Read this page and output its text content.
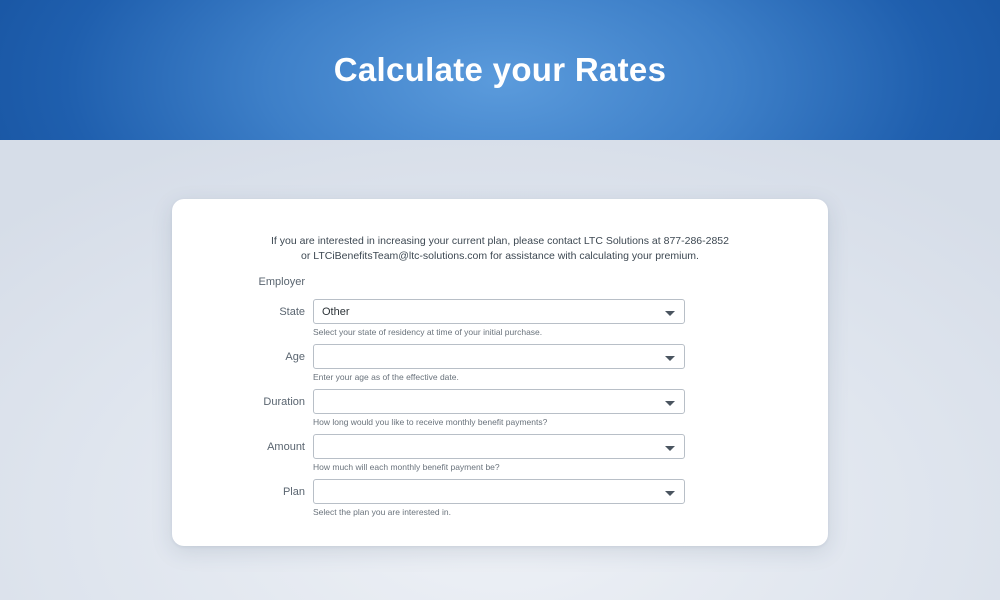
Calculate your Rates
If you are interested in increasing your current plan, please contact LTC Solutions at 877-286-2852
or LTCiBenefitsTeam@ltc-solutions.com for assistance with calculating your premium.
Employer
State Other
Select your state of residency at time of your initial purchase.
Age
Enter your age as of the effective date.
Duration
How long would you like to receive monthly benefit payments?
Amount
How much will each monthly benefit payment be?
Plan
Select the plan you are interested in.
